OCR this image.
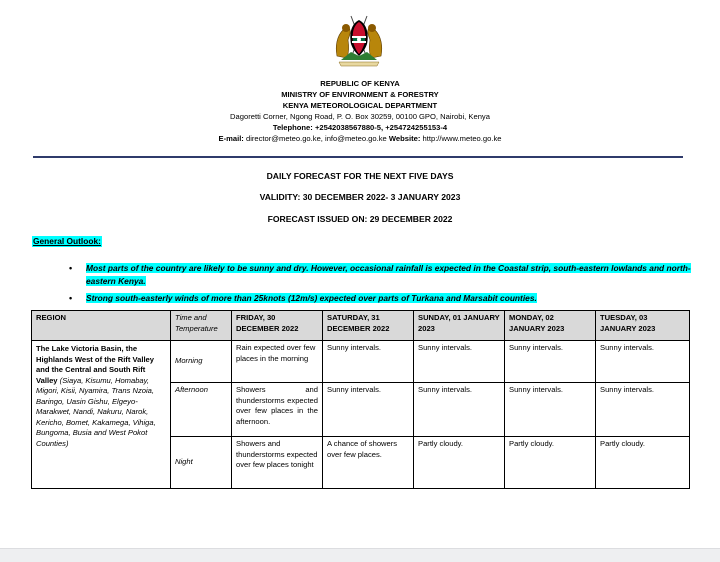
REPUBLIC OF KENYA
MINISTRY OF ENVIRONMENT & FORESTRY
KENYA METEOROLOGICAL DEPARTMENT
Dagoretti Corner, Ngong Road, P. O. Box 30259, 00100 GPO, Nairobi, Kenya
Telephone: +2542038567880-5, +254724255153-4
E-mail: director@meteo.go.ke, info@meteo.go.ke Website: http://www.meteo.go.ke
DAILY FORECAST FOR THE NEXT FIVE DAYS
VALIDITY: 30 DECEMBER 2022- 3 JANUARY 2023
FORECAST ISSUED ON: 29 DECEMBER 2022
General Outlook:
• Most parts of the country are likely to be sunny and dry. However, occasional rainfall is expected in the Coastal strip, south-eastern lowlands and north-eastern Kenya.
• Strong south-easterly winds of more than 25knots (12m/s) expected over parts of Turkana and Marsabit counties.
REGION	Time and Temperature	FRIDAY, 30 DECEMBER 2022	SATURDAY, 31 DECEMBER 2022	SUNDAY, 01 JANUARY 2023	MONDAY, 02 JANUARY 2023	TUESDAY, 03 JANUARY 2023
The Lake Victoria Basin, the Highlands West of the Rift Valley and the Central and South Rift Valley (Siaya, Kisumu, Homabay, Migori, Kisii, Nyamira, Trans Nzoia, Baringo, Uasin Gishu, Elgeyo-Marakwet, Nandi, Nakuru, Narok, Kericho, Bomet, Kakamega, Vihiga, Bungoma, Busia and West Pokot Counties)	Morning	Rain expected over few places in the morning	Sunny intervals.	Sunny intervals.	Sunny intervals.	Sunny intervals.
	Afternoon	Showers and thunderstorms expected over few places in the afternoon.	Sunny intervals.	Sunny intervals.	Sunny intervals.	Sunny intervals.
	Night	Showers and thunderstorms expected over few places tonight	A chance of showers over few places.	Partly cloudy.	Partly cloudy.	Partly cloudy.
